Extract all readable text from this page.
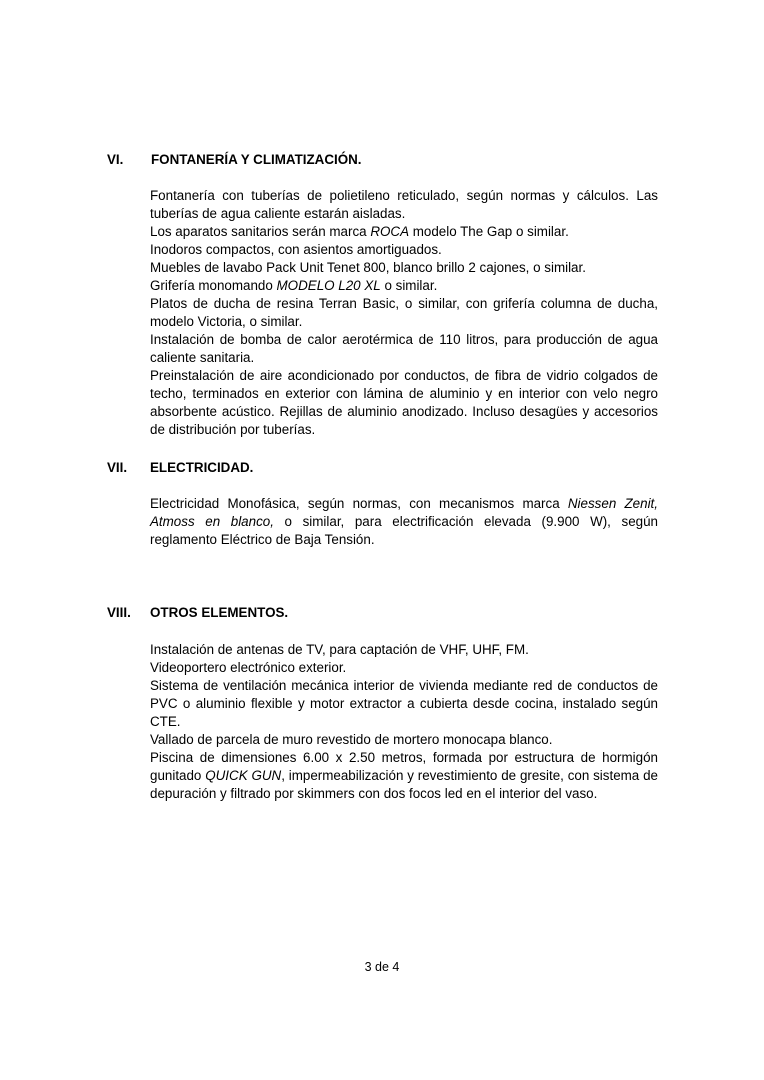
VI. FONTANERÍA Y CLIMATIZACIÓN.

Fontanería con tuberías de polietileno reticulado, según normas y cálculos. Las tuberías de agua caliente estarán aisladas.

Los aparatos sanitarios serán marca ROCA modelo The Gap o similar.

Inodoros compactos, con asientos amortiguados.

Muebles de lavabo Pack Unit Tenet 800, blanco brillo 2 cajones, o similar.

Grifería monomando MODELO L20 XL o similar.

Platos de ducha de resina Terran Basic, o similar, con grifería columna de ducha, modelo Victoria, o similar.

Instalación de bomba de calor aerotérmica de 110 litros, para producción de agua caliente sanitaria.

Preinstalación de aire acondicionado por conductos, de fibra de vidrio colgados de techo, terminados en exterior con lámina de aluminio y en interior con velo negro absorbente acústico. Rejillas de aluminio anodizado. Incluso desagües y accesorios de distribución por tuberías.

VII. ELECTRICIDAD.

Electricidad Monofásica, según normas, con mecanismos marca Niessen Zenit, Atmoss en blanco, o similar, para electrificación elevada (9.900 W), según reglamento Eléctrico de Baja Tensión.

VIII. OTROS ELEMENTOS.

Instalación de antenas de TV, para captación de VHF, UHF, FM.

Videoportero electrónico exterior.

Sistema de ventilación mecánica interior de vivienda mediante red de conductos de PVC o aluminio flexible y motor extractor a cubierta desde cocina, instalado según CTE.

Vallado de parcela de muro revestido de mortero monocapa blanco.

Piscina de dimensiones 6.00 x 2.50 metros, formada por estructura de hormigón gunitado QUICK GUN, impermeabilización y revestimiento de gresite, con sistema de depuración y filtrado por skimmers con dos focos led en el interior del vaso.

3 de 4
